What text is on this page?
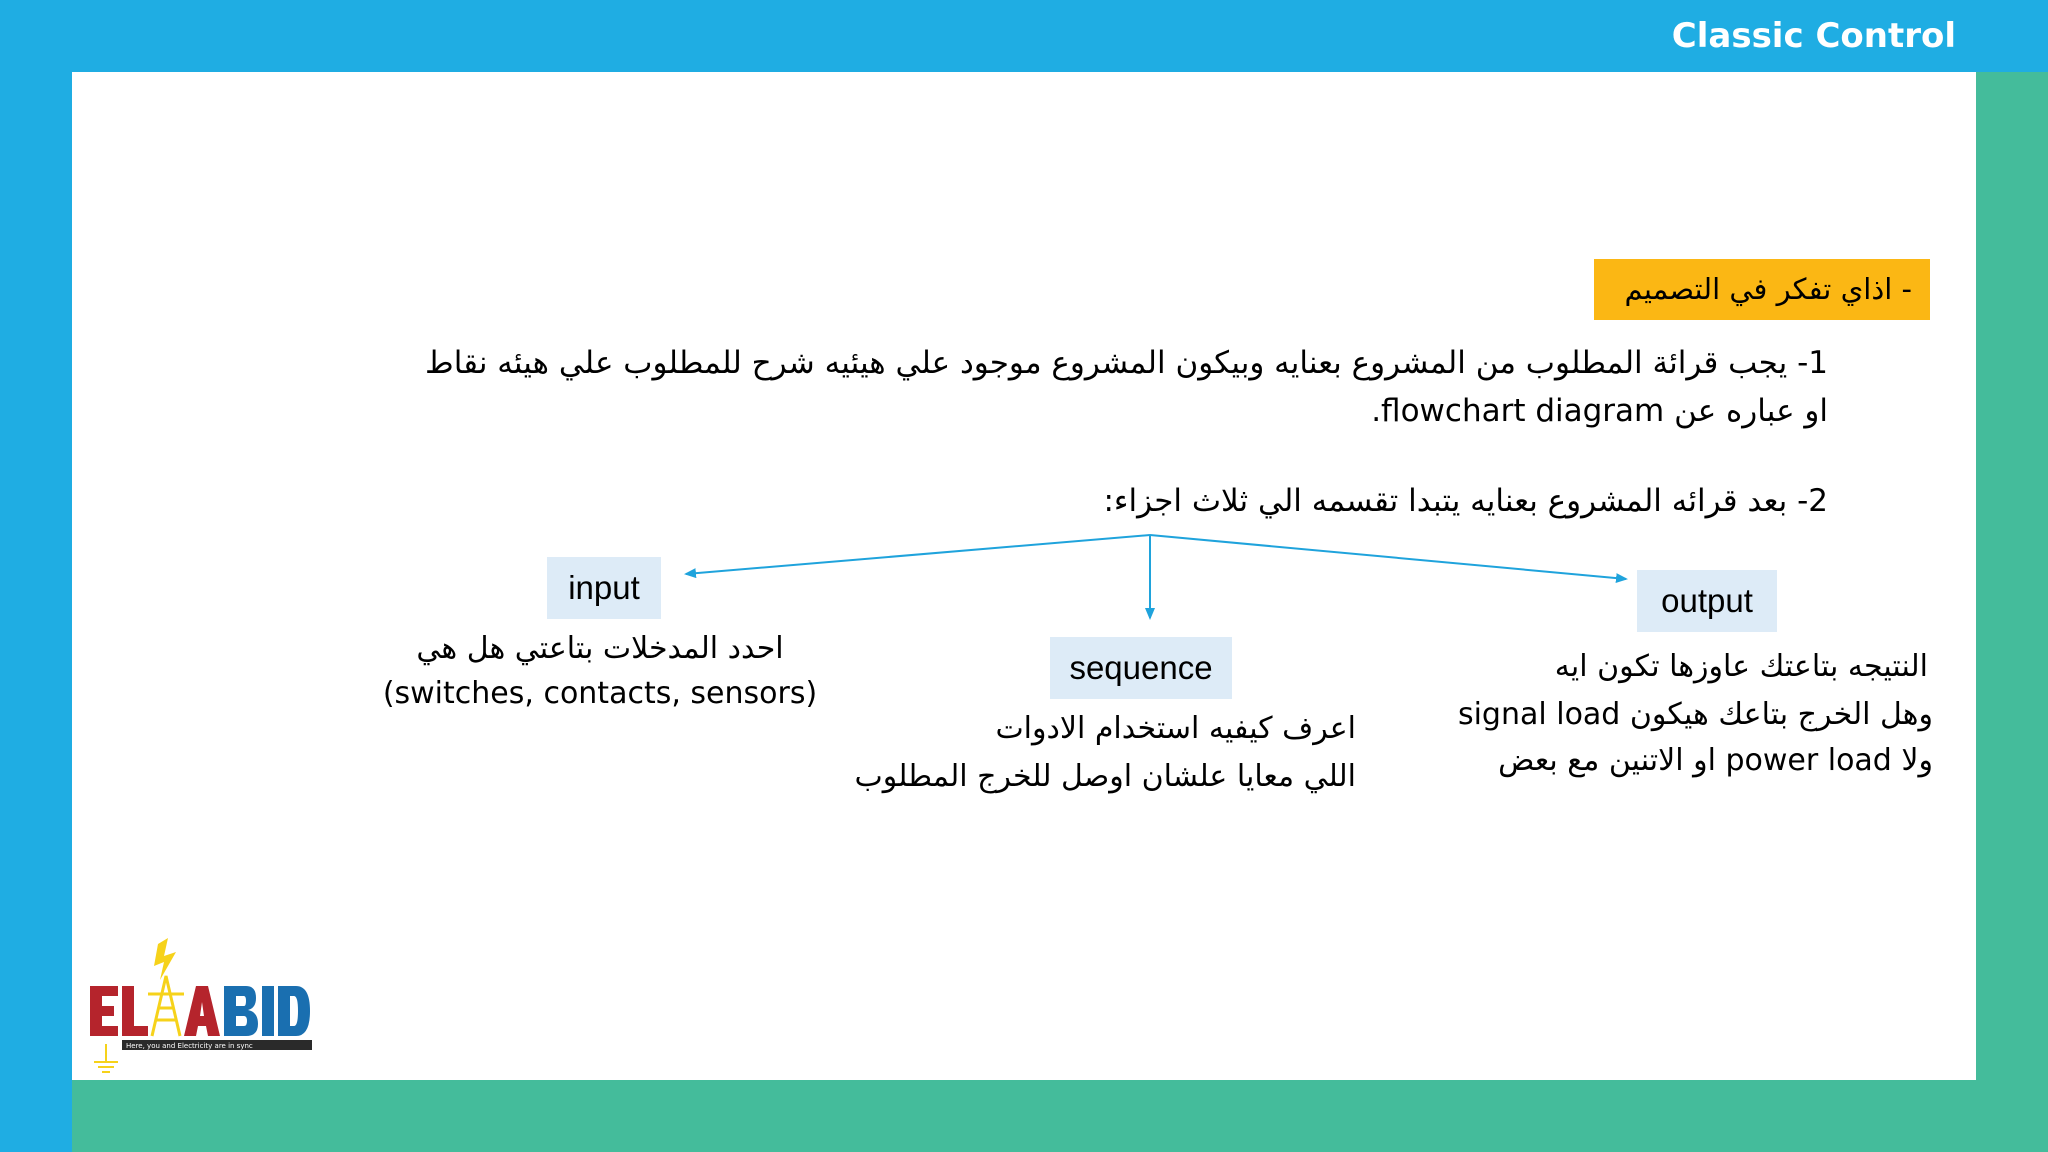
Classic Control
- اذاي تفكر في التصميم
1- يجب قرائة المطلوب من المشروع بعنايه وبيكون المشروع موجود علي هيئيه شرح للمطلوب علي هيئه نقاط
او عباره عن flowchart diagram.
2- بعد قرائه المشروع بعنايه يتبدا تقسمه الي ثلاث اجزاء:
input
sequence
output
احدد المدخلات بتاعتي هل هي
(switches, contacts, sensors)
اعرف كيفيه استخدام الادوات
اللي معايا علشان اوصل للخرج المطلوب
النتيجه بتاعتك عاوزها تكون ايه
وهل الخرج بتاعك هيكون signal load
ولا power load او الاتنين مع بعض
Here, you and Electricity are in sync
